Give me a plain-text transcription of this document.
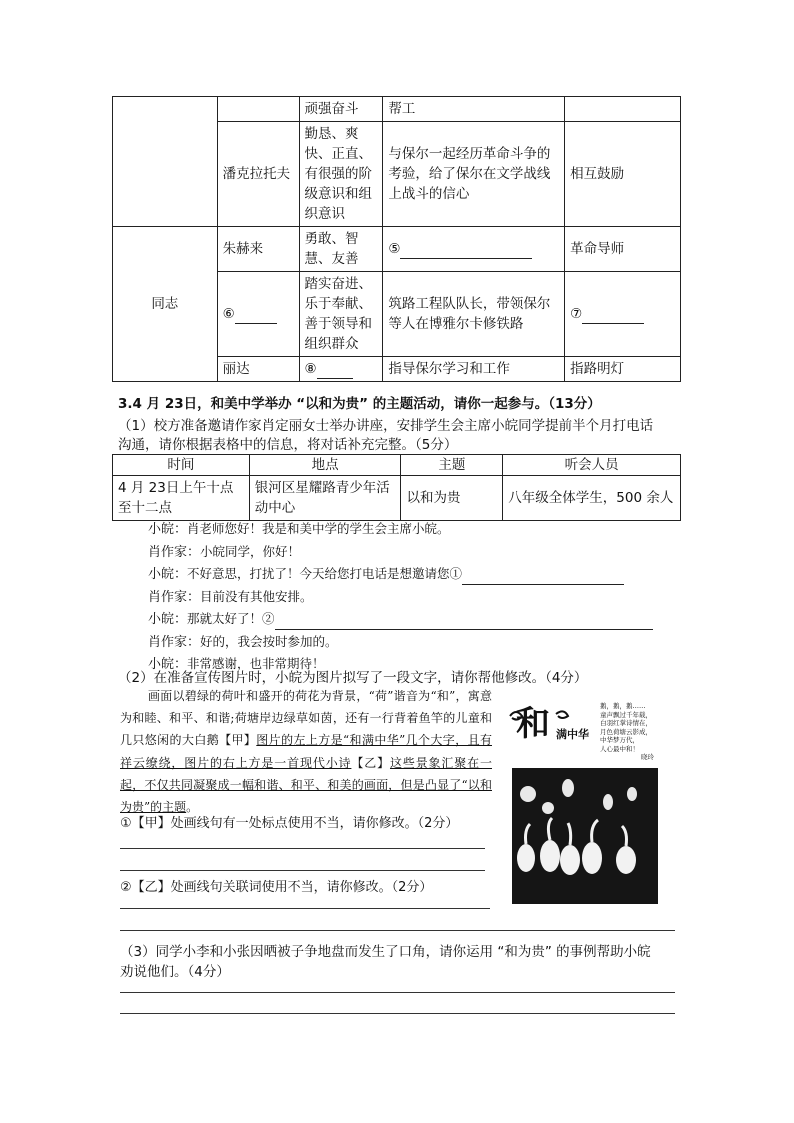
		顽强奋斗	帮工	
	潘克拉托夫	勤恳、爽快、正直、有很强的阶级意识和组织意识	与保尔一起经历革命斗争的考验，给了保尔在文学战线上战斗的信心	相互鼓励
同志	朱赫来	勇敢、智慧、友善	⑤	革命导师
	⑥	踏实奋进、乐于奉献、善于领导和组织群众	筑路工程队队长，带领保尔等人在博雅尔卡修铁路	⑦
	丽达	⑧	指导保尔学习和工作	指路明灯
3.4 月 23日，和美中学举办 “以和为贵” 的主题活动，请你一起参与。（13分）
（1）校方准备邀请作家肖定丽女士举办讲座，安排学生会主席小皖同学提前半个月打电话
沟通，请你根据表格中的信息，将对话补充完整。（5分）
时间	地点	主题	听会人员
4 月 23日上午十点至十二点	银河区星耀路青少年活动中心	以和为贵	八年级全体学生，500 余人
小皖：肖老师您好！我是和美中学的学生会主席小皖。
肖作家：小皖同学，你好！
小皖：不好意思，打扰了！今天给您打电话是想邀请您①
肖作家：目前没有其他安排。
小皖：那就太好了！②
肖作家：好的，我会按时参加的。
小皖：非常感谢，也非常期待！
（2）在准备宣传图片时，小皖为图片拟写了一段文字，请你帮他修改。（4分）
画面以碧绿的荷叶和盛开的荷花为背景，“荷”谐音为“和”，寓意为和睦、和平、和谐;荷塘岸边绿草如茵，还有一行背着鱼竿的儿童和几只悠闲的大白鹅【甲】图片的左上方是“和满中华”几个大字，且有祥云缭绕，图片的右上方是一首现代小诗【乙】这些景象汇聚在一起，不仅共同凝聚成一幅和谐、和平、和美的画面，但是凸显了“以和为贵”的主题。
①【甲】处画线句有一处标点使用不当，请你修改。（2分）
②【乙】处画线句关联词使用不当，请你修改。（2分）
和 满中华
鹅，鹅，鹅……
童声飘过千年载，
白羽红掌诗情在，
月色荷塘云影成，
中华梦万代，
人心最中和！
晓玲
（3）同学小李和小张因晒被子争地盘而发生了口角，请你运用 “和为贵” 的事例帮助小皖
劝说他们。（4分）
